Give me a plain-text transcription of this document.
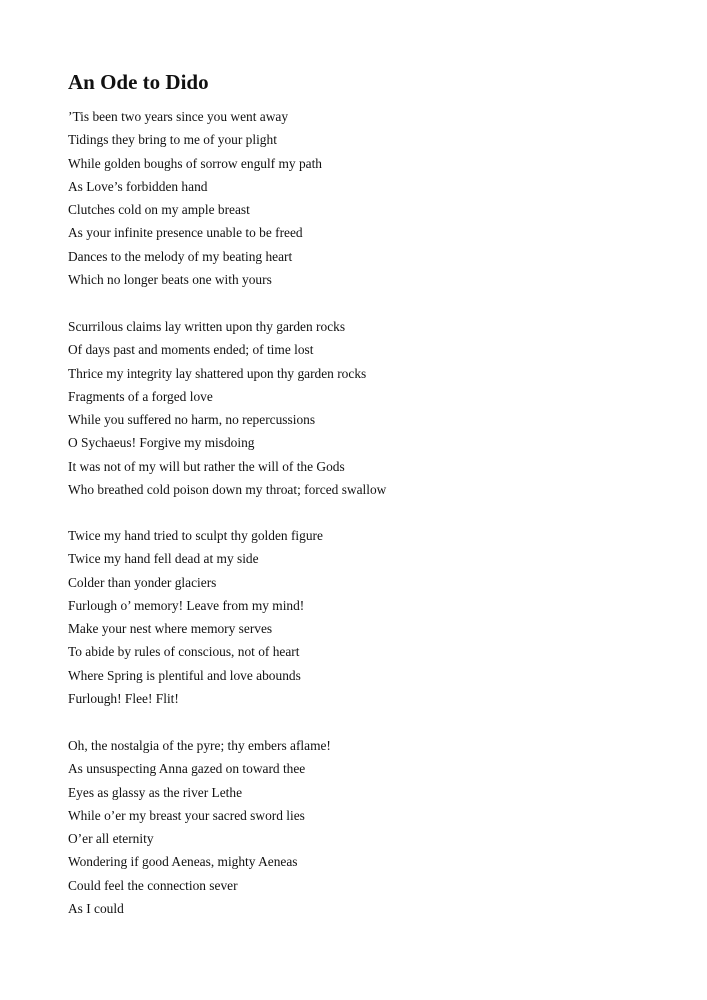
An Ode to Dido
’Tis been two years since you went away
Tidings they bring to me of your plight
While golden boughs of sorrow engulf my path
As Love’s forbidden hand
Clutches cold on my ample breast
As your infinite presence unable to be freed
Dances to the melody of my beating heart
Which no longer beats one with yours
Scurrilous claims lay written upon thy garden rocks
Of days past and moments ended; of time lost
Thrice my integrity lay shattered upon thy garden rocks
Fragments of a forged love
While you suffered no harm, no repercussions
O Sychaeus! Forgive my misdoing
It was not of my will but rather the will of the Gods
Who breathed cold poison down my throat; forced swallow
Twice my hand tried to sculpt thy golden figure
Twice my hand fell dead at my side
Colder than yonder glaciers
Furlough o’ memory! Leave from my mind!
Make your nest where memory serves
To abide by rules of conscious, not of heart
Where Spring is plentiful and love abounds
Furlough! Flee! Flit!
Oh, the nostalgia of the pyre; thy embers aflame!
As unsuspecting Anna gazed on toward thee
Eyes as glassy as the river Lethe
While o’er my breast your sacred sword lies
O’er all eternity
Wondering if good Aeneas, mighty Aeneas
Could feel the connection sever
As I could
